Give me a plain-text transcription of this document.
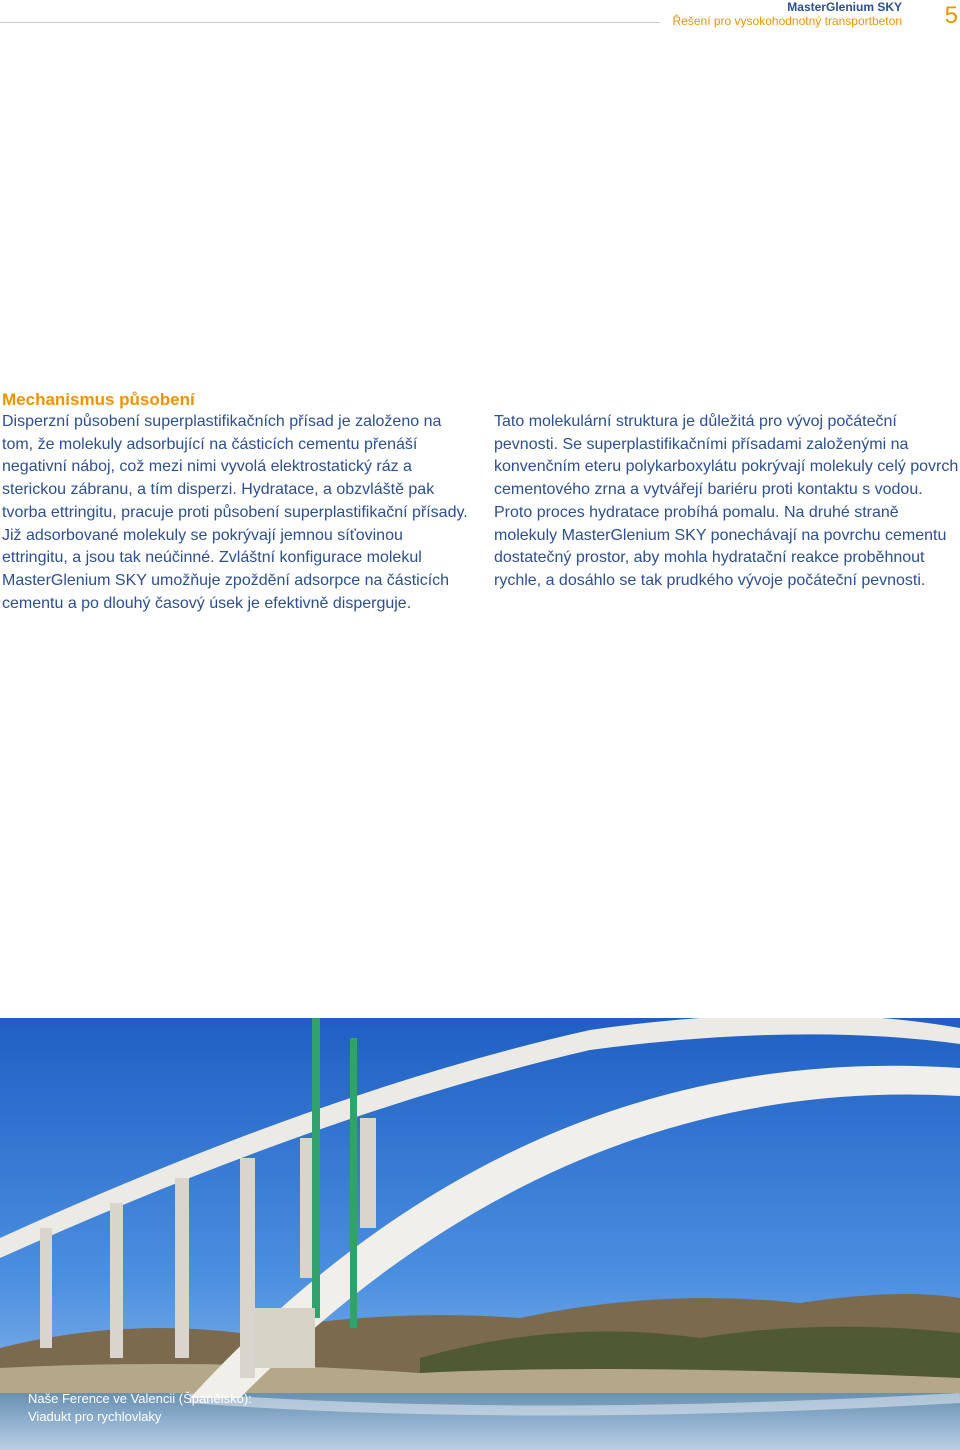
MasterGlenium SKY
Řešení pro vysokohodnotný transportbeton 5
Mechanismus působení

Disperzní působení superplastifikačních přísad je založeno na tom, že molekuly adsorbující na částicích cementu přenáší negativní náboj, což mezi nimi vyvolá elektrostatický ráz a sterickou zábranu, a tím disperzi. Hydratace, a obzvláště pak tvorba ettringitu, pracuje proti působení superplastifikační přísady. Již adsorbované molekuly se pokrývají jemnou síťovinou ettringitu, a jsou tak neúčinné. Zvláštní konfigurace molekul MasterGlenium SKY umožňuje zpoždění adsorpce na částicích cementu a po dlouhý časový úsek je efektivně disperguje.

Tato molekulární struktura je důležitá pro vývoj počáteční pevnosti. Se superplastifikačními přísadami založenými na konvenčním eteru polykarboxylátu pokrývají molekuly celý povrch cementového zrna a vytvářejí bariéru proti kontaktu s vodou. Proto proces hydratace probíhá pomalu. Na druhé straně molekuly MasterGlenium SKY ponechávají na povrchu cementu dostatečný prostor, aby mohla hydratační reakce proběhnout rychle, a dosáhlo se tak prudkého vývoje počáteční pevnosti.

Naše Ference ve Valencii (Španělsko):
Viadukt pro rychlovlaky
